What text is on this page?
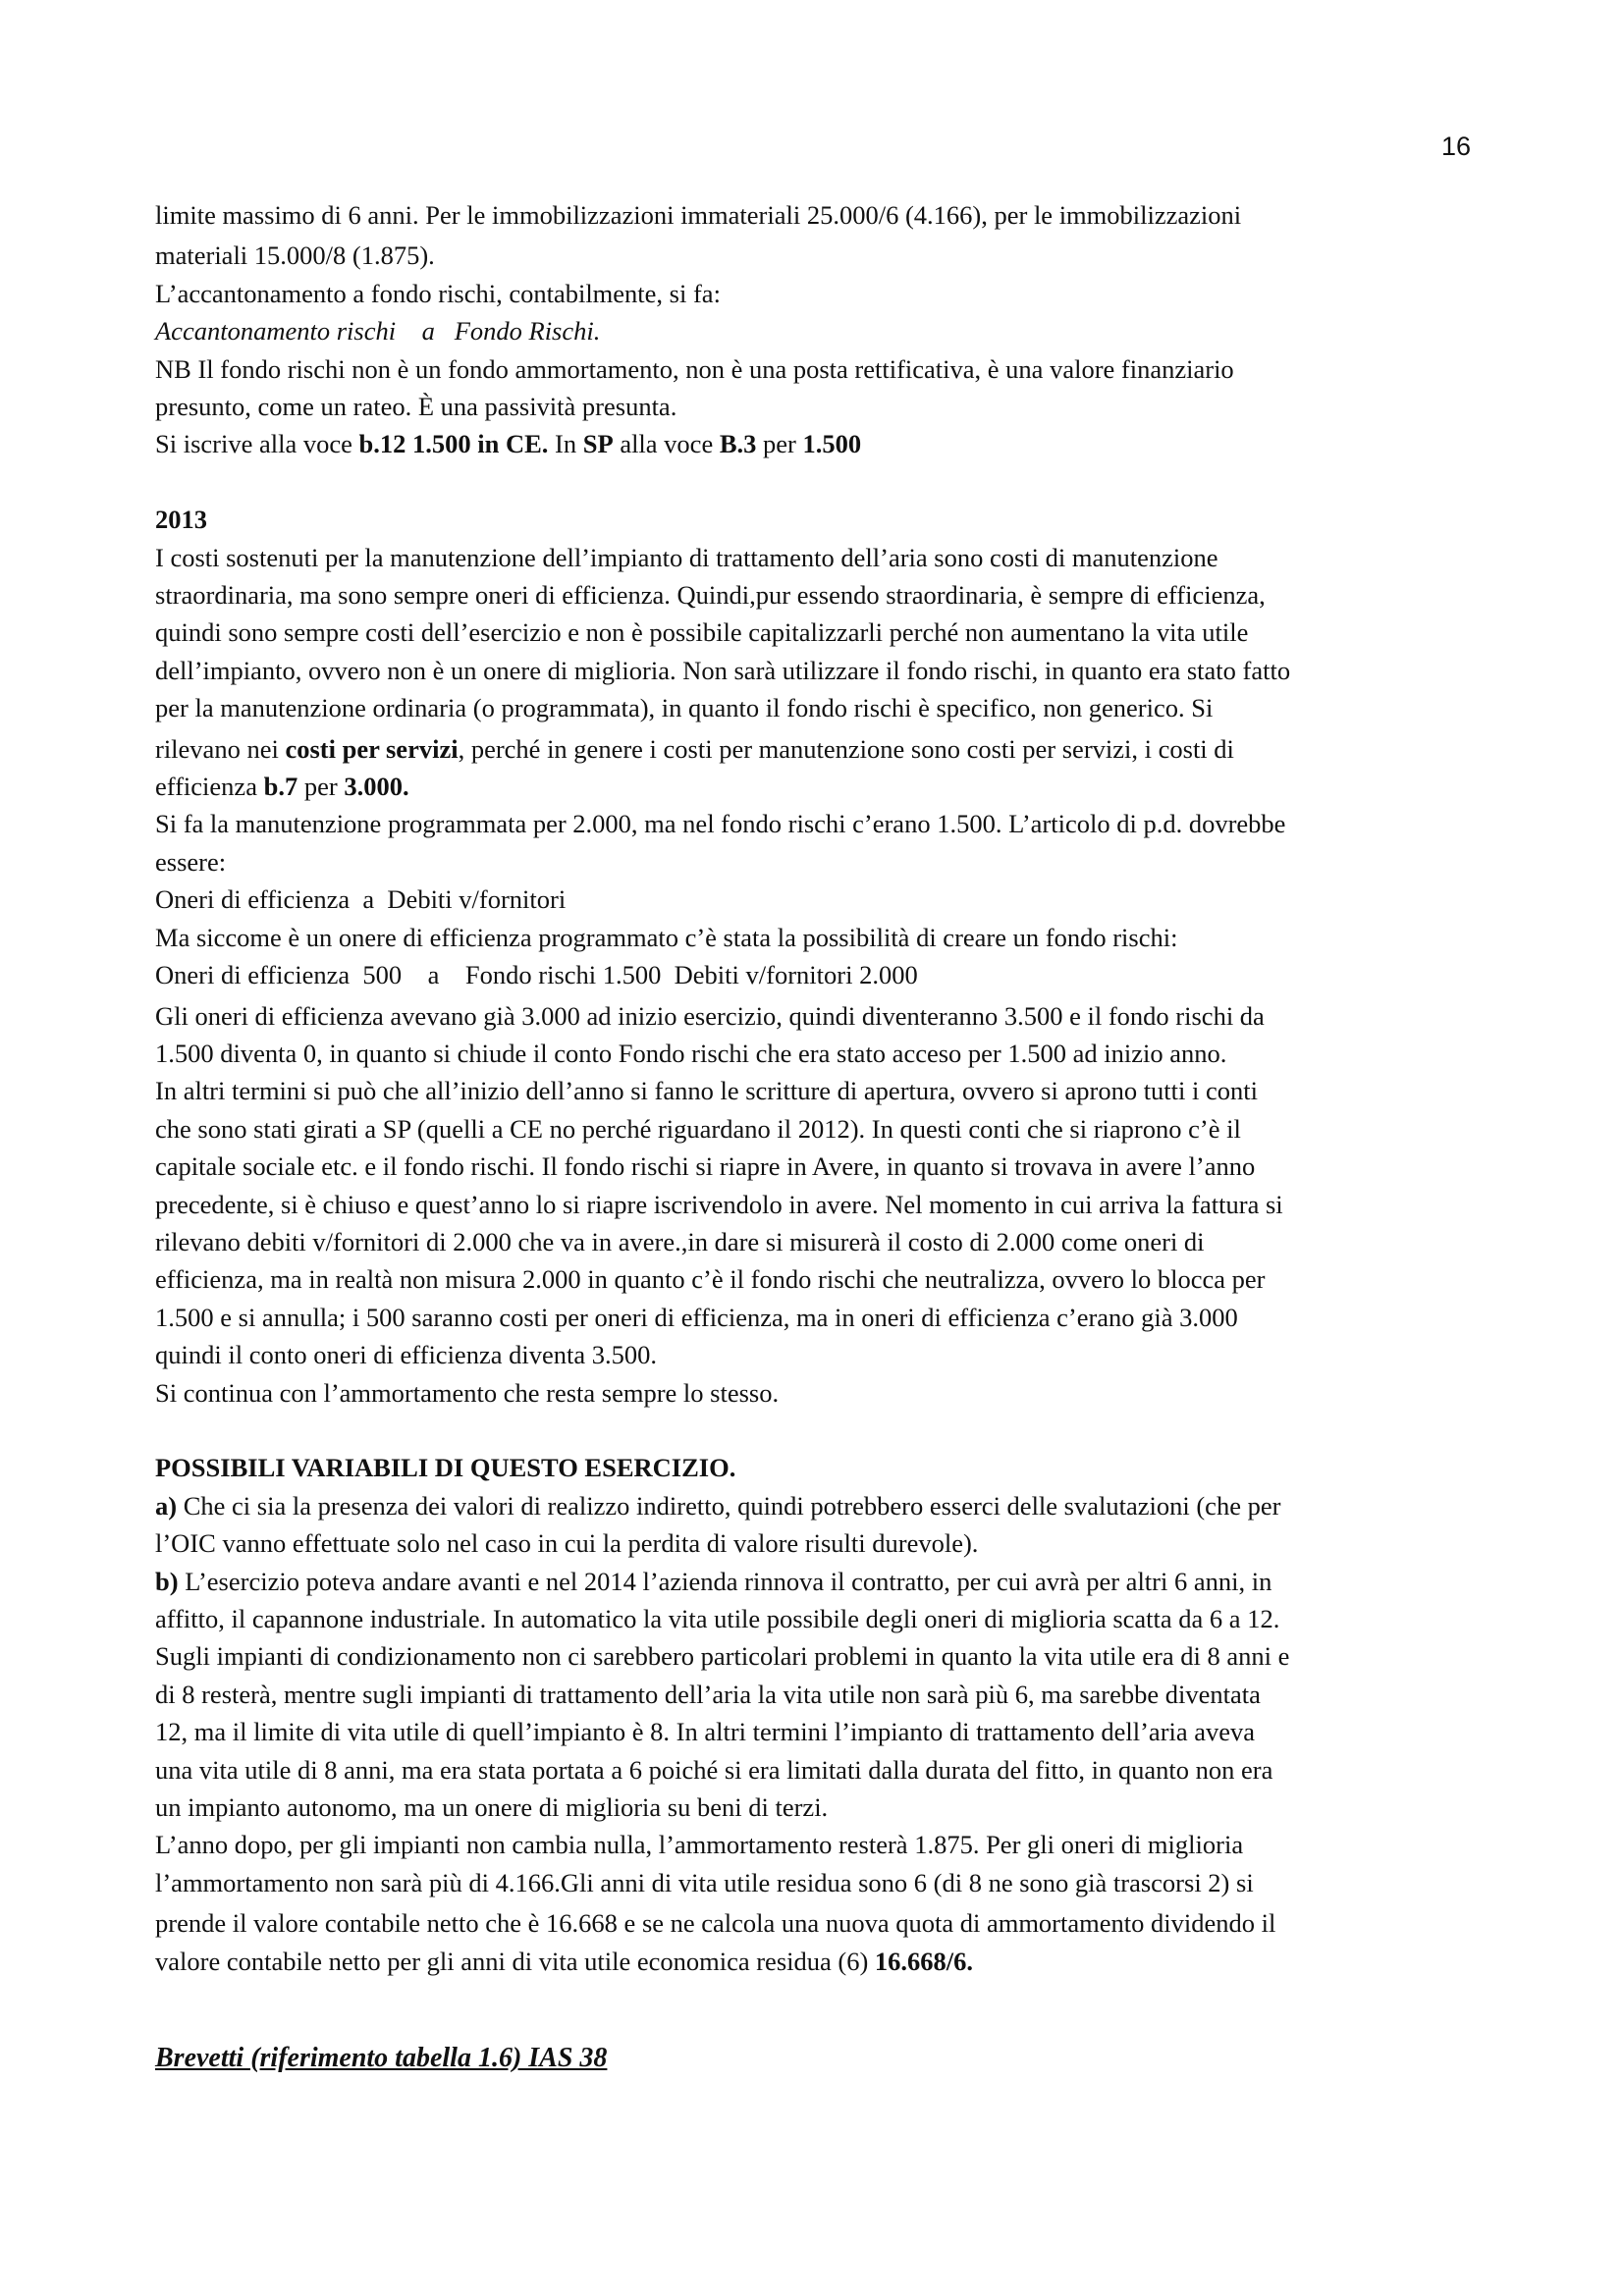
16

limite massimo di 6 anni. Per le immobilizzazioni immateriali 25.000/6 (4.166), per le immobilizzazioni
materiali 15.000/8 (1.875).

L’accantonamento a fondo rischi, contabilmente, si fa:

Accantonamento rischi    a   Fondo Rischi.

NB Il fondo rischi non è un fondo ammortamento, non è una posta rettificativa, è una valore finanziario
presunto, come un rateo. È una passività presunta.

Si iscrive alla voce b.12 1.500 in CE. In SP alla voce B.3 per 1.500

2013

I costi sostenuti per la manutenzione dell’impianto di trattamento dell’aria sono costi di manutenzione
straordinaria, ma sono sempre oneri di efficienza. Quindi,pur essendo straordinaria, è sempre di efficienza,
quindi sono sempre costi dell’esercizio e non è possibile capitalizzarli perché non aumentano la vita utile
dell’impianto, ovvero non è un onere di miglioria. Non sarà utilizzare il fondo rischi, in quanto era stato fatto
per la manutenzione ordinaria (o programmata), in quanto il fondo rischi è specifico, non generico. Si
rilevano nei costi per servizi, perché in genere i costi per manutenzione sono costi per servizi, i costi di
efficienza b.7 per 3.000.

Si fa la manutenzione programmata per 2.000, ma nel fondo rischi c’erano 1.500. L’articolo di p.d. dovrebbe
essere:

Oneri di efficienza  a  Debiti v/fornitori

Ma siccome è un onere di efficienza programmato c’è stata la possibilità di creare un fondo rischi:

Oneri di efficienza  500    a    Fondo rischi 1.500  Debiti v/fornitori 2.000

Gli oneri di efficienza avevano già 3.000 ad inizio esercizio, quindi diventeranno 3.500 e il fondo rischi da
1.500 diventa 0, in quanto si chiude il conto Fondo rischi che era stato acceso per 1.500 ad inizio anno.

In altri termini si può che all’inizio dell’anno si fanno le scritture di apertura, ovvero si aprono tutti i conti
che sono stati girati a SP (quelli a CE no perché riguardano il 2012). In questi conti che si riaprono c’è il
capitale sociale etc. e il fondo rischi. Il fondo rischi si riapre in Avere, in quanto si trovava in avere l’anno
precedente, si è chiuso e quest’anno lo si riapre iscrivendolo in avere. Nel momento in cui arriva la fattura si
rilevano debiti v/fornitori di 2.000 che va in avere.,in dare si misurerà il costo di 2.000 come oneri di
efficienza, ma in realtà non misura 2.000 in quanto c’è il fondo rischi che neutralizza, ovvero lo blocca per
1.500 e si annulla; i 500 saranno costi per oneri di efficienza, ma in oneri di efficienza c’erano già 3.000
quindi il conto oneri di efficienza diventa 3.500.

Si continua con l’ammortamento che resta sempre lo stesso.

POSSIBILI VARIABILI DI QUESTO ESERCIZIO.

a) Che ci sia la presenza dei valori di realizzo indiretto, quindi potrebbero esserci delle svalutazioni (che per
l’OIC vanno effettuate solo nel caso in cui la perdita di valore risulti durevole).

b) L’esercizio poteva andare avanti e nel 2014 l’azienda rinnova il contratto, per cui avrà per altri 6 anni, in
affitto, il capannone industriale. In automatico la vita utile possibile degli oneri di miglioria scatta da 6 a 12.
Sugli impianti di condizionamento non ci sarebbero particolari problemi in quanto la vita utile era di 8 anni e
di 8 resterà, mentre sugli impianti di trattamento dell’aria la vita utile non sarà più 6, ma sarebbe diventata
12, ma il limite di vita utile di quell’impianto è 8. In altri termini l’impianto di trattamento dell’aria aveva
una vita utile di 8 anni, ma era stata portata a 6 poiché si era limitati dalla durata del fitto, in quanto non era
un impianto autonomo, ma un onere di miglioria su beni di terzi.

L’anno dopo, per gli impianti non cambia nulla, l’ammortamento resterà 1.875. Per gli oneri di miglioria
l’ammortamento non sarà più di 4.166.Gli anni di vita utile residua sono 6 (di 8 ne sono già trascorsi 2) si
prende il valore contabile netto che è 16.668 e se ne calcola una nuova quota di ammortamento dividendo il
valore contabile netto per gli anni di vita utile economica residua (6) 16.668/6.

Brevetti (riferimento tabella 1.6) IAS 38
